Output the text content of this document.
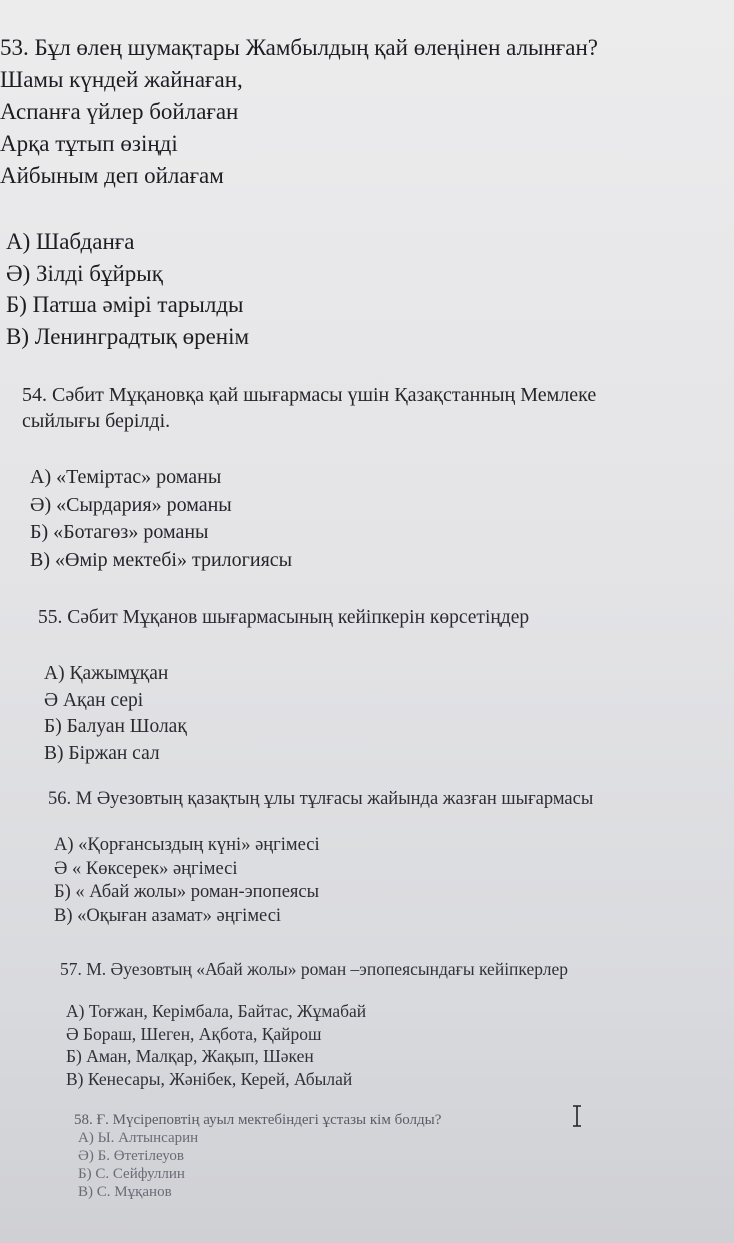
53. Бұл өлең шумақтары Жамбылдың қай өлеңінен алынған?
Шамы күндей жайнаған,
Аспанға үйлер бойлаған
Арқа тұтып өзіңді
Айбыным деп ойлағам
А) Шабданға
Ә) Зілді бұйрық
Б) Патша әмірі тарылды
В) Ленинградтық өренім
54. Сәбит Мұқановқа қай шығармасы үшін Қазақстанның Мемлеке
сыйлығы берілді.
А) «Теміртас» романы
Ә) «Сырдария» романы
Б) «Ботагөз» романы
В) «Өмір мектебі» трилогиясы
55. Сәбит Мұқанов шығармасының кейіпкерін көрсетіңдер
А) Қажымұқан
Ә Ақан сері
Б) Балуан Шолақ
В) Біржан сал
56. М Әуезовтың қазақтың ұлы тұлғасы жайында жазған шығармасы
А) «Қорғансыздың күні» әңгімесі
Ә « Көксерек» әңгімесі
Б) « Абай жолы» роман-эпопеясы
В) «Оқыған азамат» әңгімесі
57. М. Әуезовтың «Абай жолы» роман –эпопеясындағы кейіпкерлер
А) Тоғжан, Керімбала, Байтас, Жұмабай
Ә Бораш, Шеген, Ақбота, Қайрош
Б) Аман, Малқар, Жақып, Шәкен
В) Кенесары, Жәнібек, Керей, Абылай
58. Ғ. Мүсіреповтің ауыл мектебіндегі ұстазы кім болды?
А) Ы. Алтынсарин
Ә) Б. Өтетілеуов
Б) С. Сейфуллин
В) С. Мұқанов
